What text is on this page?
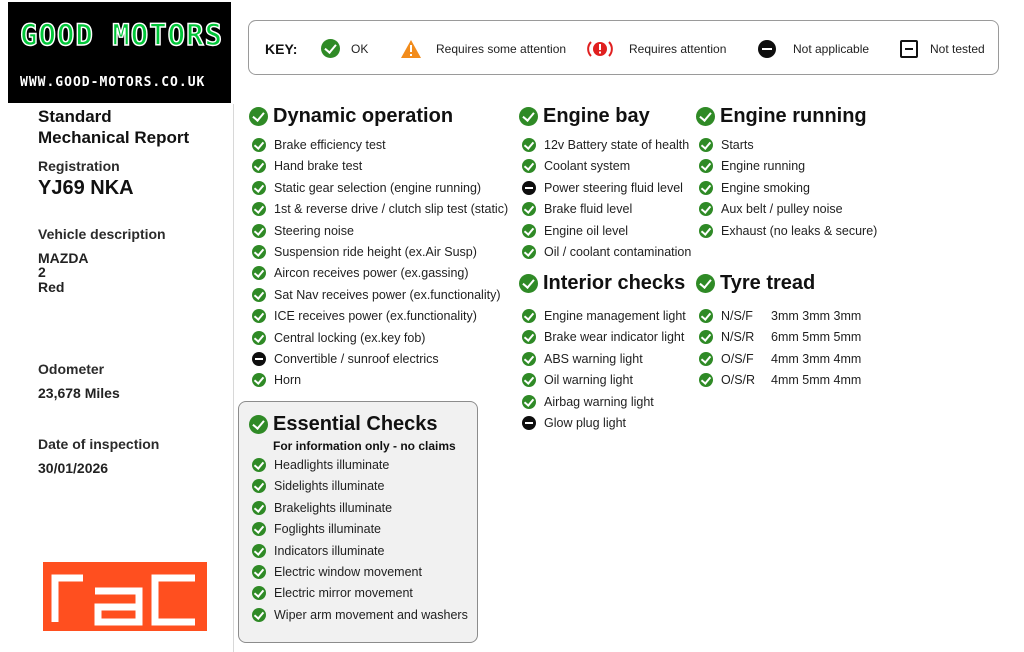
GOOD MOTORS
WWW.GOOD-MOTORS.CO.UK
Standard
Mechanical Report
Registration
YJ69 NKA
Vehicle description
MAZDA
2
Red
Odometer
23,678 Miles
Date of inspection
30/01/2026
KEY:	OK	Requires some attention	Requires attention	Not applicable	Not tested
Dynamic operation
Brake efficiency test
Hand brake test
Static gear selection (engine running)
1st & reverse drive / clutch slip test (static)
Steering noise
Suspension ride height (ex.Air Susp)
Aircon receives power (ex.gassing)
Sat Nav receives power (ex.functionality)
ICE receives power (ex.functionality)
Central locking (ex.key fob)
Convertible / sunroof electrics
Horn
Essential Checks
For information only - no claims
Headlights illuminate
Sidelights illuminate
Brakelights illuminate
Foglights illuminate
Indicators illuminate
Electric window movement
Electric mirror movement
Wiper arm movement and washers
Engine bay
12v Battery state of health
Coolant system
Power steering fluid level
Brake fluid level
Engine oil level
Oil / coolant contamination
Interior checks
Engine management light
Brake wear indicator light
ABS warning light
Oil warning light
Airbag warning light
Glow plug light
Engine running
Starts
Engine running
Engine smoking
Aux belt / pulley noise
Exhaust (no leaks & secure)
Tyre tread
N/S/F	3mm 3mm 3mm
N/S/R	6mm 5mm 5mm
O/S/F	4mm 3mm 4mm
O/S/R	4mm 5mm 4mm
